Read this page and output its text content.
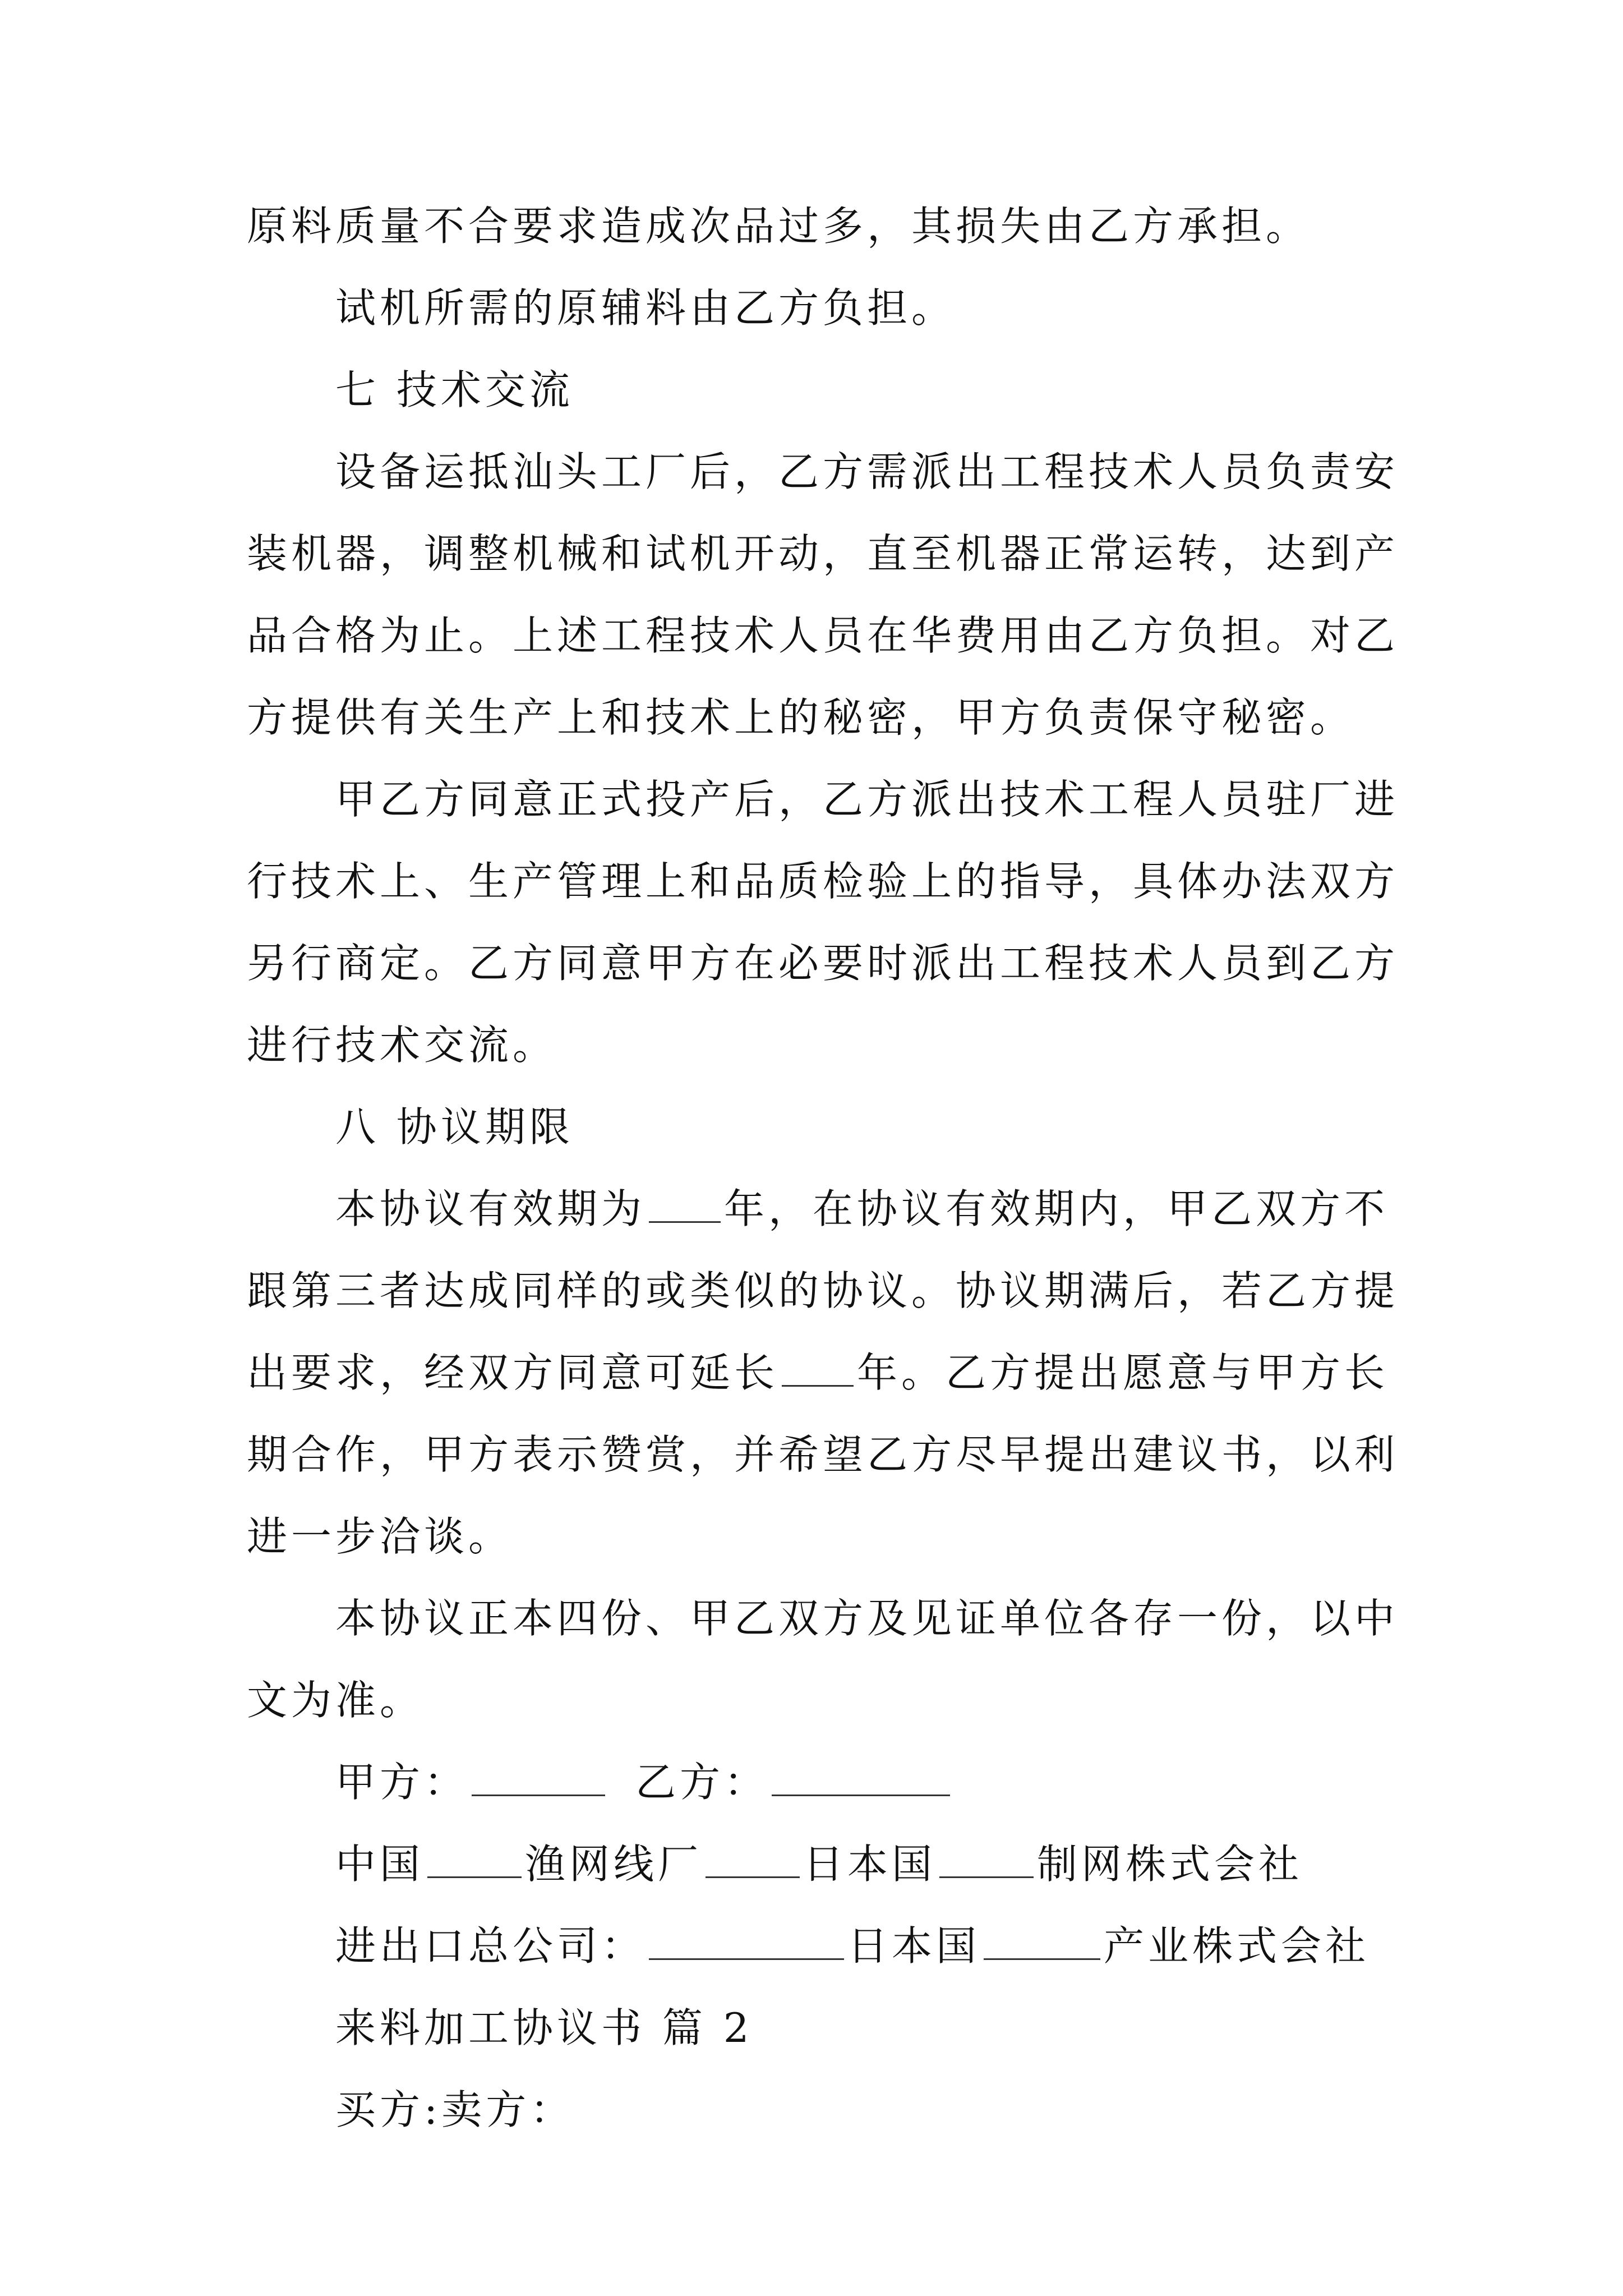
原料质量不合要求造成次品过多，其损失由乙方承担。
试机所需的原辅料由乙方负担。
七 技术交流
设备运抵汕头工厂后，乙方需派出工程技术人员负责安
装机器，调整机械和试机开动，直至机器正常运转，达到产
品合格为止。上述工程技术人员在华费用由乙方负担。对乙
方提供有关生产上和技术上的秘密，甲方负责保守秘密。
甲乙方同意正式投产后，乙方派出技术工程人员驻厂进
行技术上、生产管理上和品质检验上的指导，具体办法双方
另行商定。乙方同意甲方在必要时派出工程技术人员到乙方
进行技术交流。
八 协议期限
本协议有效期为 年，在协议有效期内，甲乙双方不
跟第三者达成同样的或类似的协议。协议期满后，若乙方提
出要求，经双方同意可延长 年。乙方提出愿意与甲方长
期合作，甲方表示赞赏，并希望乙方尽早提出建议书，以利
进一步洽谈。
本协议正本四份、甲乙双方及见证单位各存一份，以中
文为准。
甲方：	乙方：
中国	渔网线厂	日本国	制网株式会社
进出口总公司：	日本国	产业株式会社
来料加工协议书 篇 2
买方:卖方：
